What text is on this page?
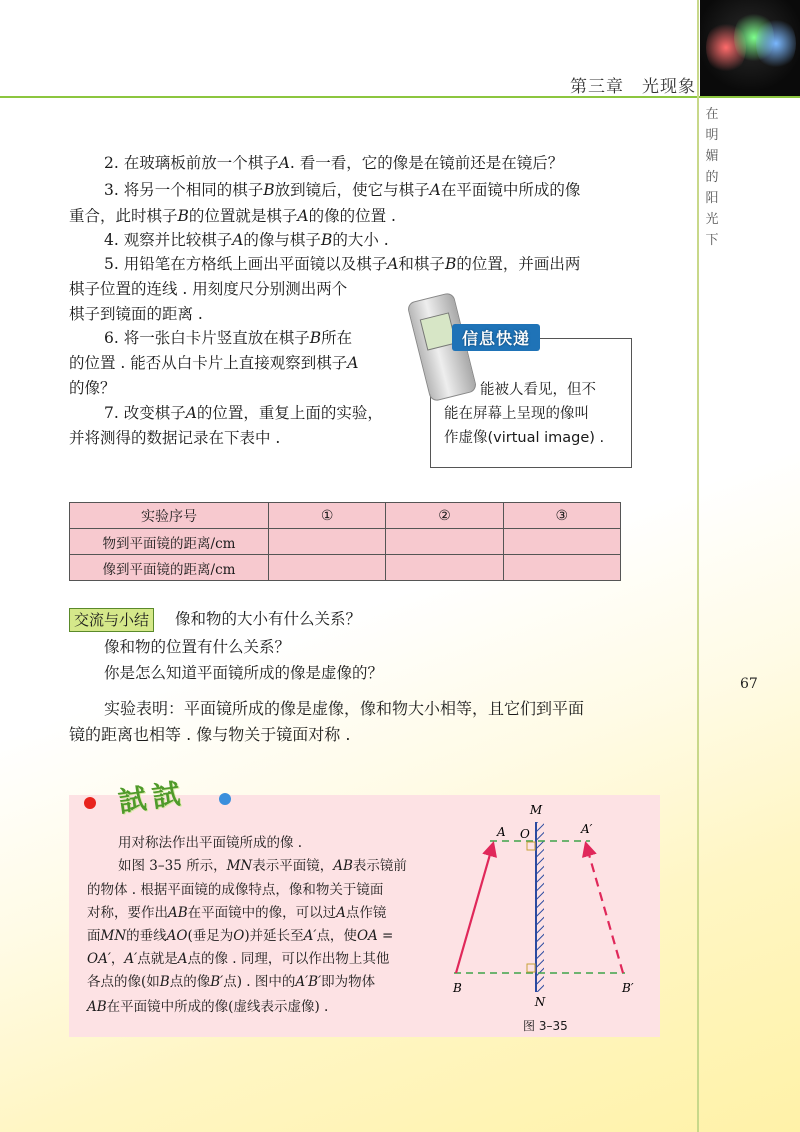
第三章　光现象
在明媚的阳光下
67
2. 在玻璃板前放一个棋子A. 看一看，它的像是在镜前还是在镜后？
3. 将另一个相同的棋子B放到镜后，使它与棋子A在平面镜中所成的像
重合，此时棋子B的位置就是棋子A的像的位置 .
4. 观察并比较棋子A的像与棋子B的大小 .
5. 用铅笔在方格纸上画出平面镜以及棋子A和棋子B的位置，并画出两
棋子位置的连线 . 用刻度尺分别测出两个
棋子到镜面的距离 .
6. 将一张白卡片竖直放在棋子B所在
的位置 . 能否从白卡片上直接观察到棋子A
的像？
7. 改变棋子A的位置，重复上面的实验，
并将测得的数据记录在下表中 .
信息快递
能被人看见，但不
能在屏幕上呈现的像叫
作虚像(virtual image) .
实验序号	①	②	③
物到平面镜的距离/cm			
像到平面镜的距离/cm			
交流与小结	像和物的大小有什么关系？
像和物的位置有什么关系？
你是怎么知道平面镜所成的像是虚像的？
实验表明：平面镜所成的像是虚像，像和物大小相等，且它们到平面
镜的距离也相等 . 像与物关于镜面对称 .
試試
用对称法作出平面镜所成的像 .
如图 3–35 所示，MN表示平面镜，AB表示镜前
的物体 . 根据平面镜的成像特点，像和物关于镜面
对称，要作出AB在平面镜中的像，可以过A点作镜
面MN的垂线AO(垂足为O)并延长至A′点，使OA =
OA′，A′点就是A点的像 . 同理，可以作出物上其他
各点的像(如B点的像B′点) . 图中的A′B′即为物体
AB在平面镜中所成的像(虚线表示虚像) .
M
N
A O	A′
B	B′
图 3–35
